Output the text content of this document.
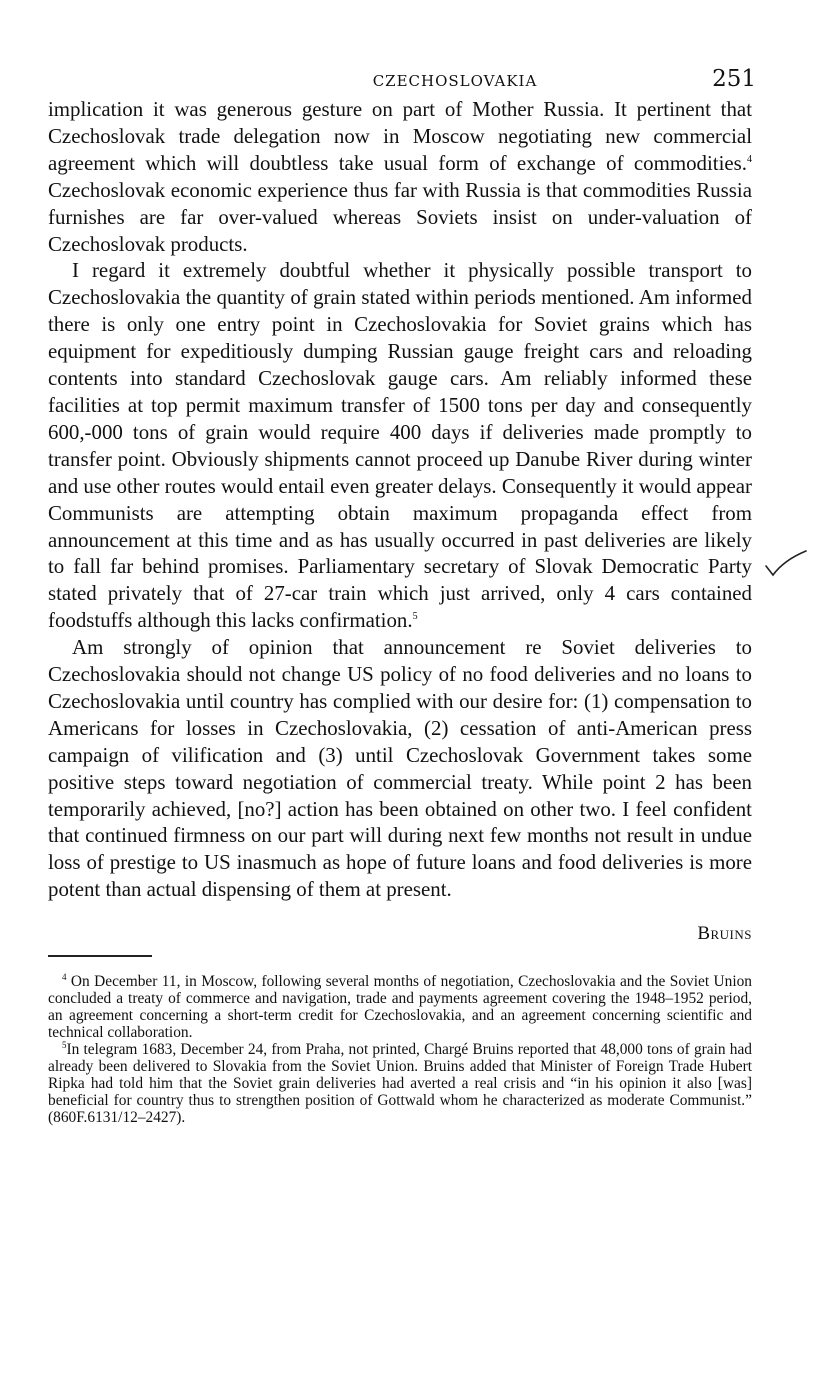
CZECHOSLOVAKIA	251

implication it was generous gesture on part of Mother Russia. It pertinent that Czechoslovak trade delegation now in Moscow negotiating new commercial agreement which will doubtless take usual form of exchange of commodities.$^4$ Czechoslovak economic experience thus far with Russia is that commodities Russia furnishes are far over-valued whereas Soviets insist on under-valuation of Czechoslovak products.

I regard it extremely doubtful whether it physically possible transport to Czechoslovakia the quantity of grain stated within periods mentioned. Am informed there is only one entry point in Czechoslovakia for Soviet grains which has equipment for expeditiously dumping Russian gauge freight cars and reloading contents into standard Czechoslovak gauge cars. Am reliably informed these facilities at top permit maximum transfer of 1500 tons per day and consequently 600,-000 tons of grain would require 400 days if deliveries made promptly to transfer point. Obviously shipments cannot proceed up Danube River during winter and use other routes would entail even greater delays. Consequently it would appear Communists are attempting obtain maximum propaganda effect from announcement at this time and as has usually occurred in past deliveries are likely to fall far behind promises. Parliamentary secretary of Slovak Democratic Party stated privately that of 27-car train which just arrived, only 4 cars contained foodstuffs although this lacks confirmation.$^5$

Am strongly of opinion that announcement re Soviet deliveries to Czechoslovakia should not change US policy of no food deliveries and no loans to Czechoslovakia until country has complied with our desire for: (1) compensation to Americans for losses in Czechoslovakia, (2) cessation of anti-American press campaign of vilification and (3) until Czechoslovak Government takes some positive steps toward negotiation of commercial treaty. While point 2 has been temporarily achieved, [no?] action has been obtained on other two. I feel confident that continued firmness on our part will during next few months not result in undue loss of prestige to US inasmuch as hope of future loans and food deliveries is more potent than actual dispensing of them at present.

Bruins

$^4$ On December 11, in Moscow, following several months of negotiation, Czechoslovakia and the Soviet Union concluded a treaty of commerce and navigation, trade and payments agreement covering the 1948–1952 period, an agreement concerning a short-term credit for Czechoslovakia, and an agreement concerning scientific and technical collaboration.

$^5$In telegram 1683, December 24, from Praha, not printed, Chargé Bruins reported that 48,000 tons of grain had already been delivered to Slovakia from the Soviet Union. Bruins added that Minister of Foreign Trade Hubert Ripka had told him that the Soviet grain deliveries had averted a real crisis and “in his opinion it also [was] beneficial for country thus to strengthen position of Gottwald whom he characterized as moderate Communist.” (860F.6131/12–2427).
